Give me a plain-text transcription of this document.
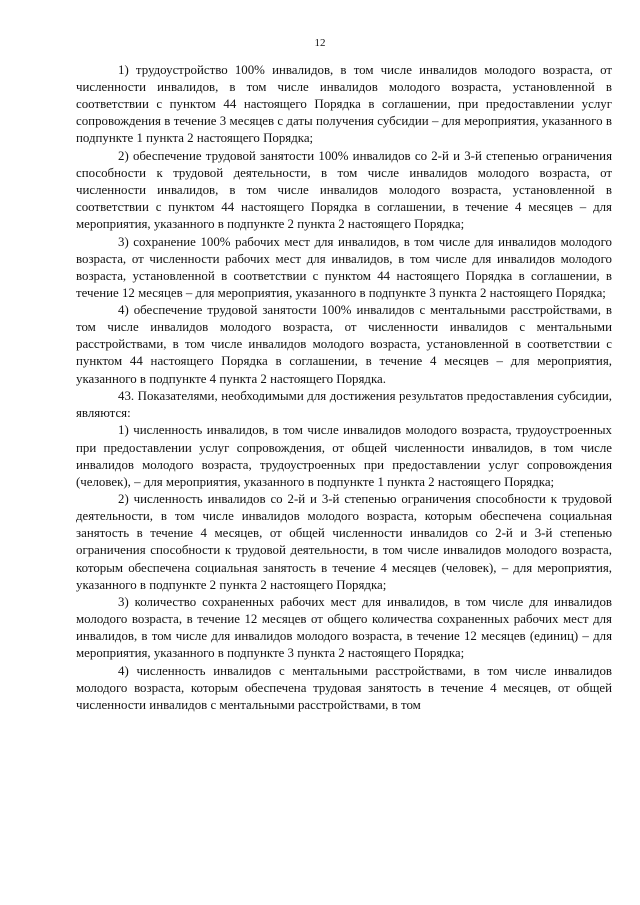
12

1) трудоустройство 100% инвалидов, в том числе инвалидов молодого возраста, от численности инвалидов, в том числе инвалидов молодого возраста, установленной в соответствии с пунктом 44 настоящего Порядка в соглашении, при предоставлении услуг сопровождения в течение 3 месяцев с даты получения субсидии – для мероприятия, указанного в подпункте 1 пункта 2 настоящего Порядка;

2) обеспечение трудовой занятости 100% инвалидов со 2-й и 3-й степенью ограничения способности к трудовой деятельности, в том числе инвалидов молодого возраста, от численности инвалидов, в том числе инвалидов молодого возраста, установленной в соответствии с пунктом 44 настоящего Порядка в соглашении, в течение 4 месяцев – для мероприятия, указанного в подпункте 2 пункта 2 настоящего Порядка;

3) сохранение 100% рабочих мест для инвалидов, в том числе для инвалидов молодого возраста, от численности рабочих мест для инвалидов, в том числе для инвалидов молодого возраста, установленной в соответствии с пунктом 44 настоящего Порядка в соглашении, в течение 12 месяцев – для мероприятия, указанного в подпункте 3 пункта 2 настоящего Порядка;

4) обеспечение трудовой занятости 100% инвалидов с ментальными расстройствами, в том числе инвалидов молодого возраста, от численности инвалидов с ментальными расстройствами, в том числе инвалидов молодого возраста, установленной в соответствии с пунктом 44 настоящего Порядка в соглашении, в течение 4 месяцев – для мероприятия, указанного в подпункте 4 пункта 2 настоящего Порядка.

43. Показателями, необходимыми для достижения результатов предоставления субсидии, являются:

1) численность инвалидов, в том числе инвалидов молодого возраста, трудоустроенных при предоставлении услуг сопровождения, от общей численности инвалидов, в том числе инвалидов молодого возраста, трудоустроенных при предоставлении услуг сопровождения (человек), – для мероприятия, указанного в подпункте 1 пункта 2 настоящего Порядка;

2) численность инвалидов со 2-й и 3-й степенью ограничения способности к трудовой деятельности, в том числе инвалидов молодого возраста, которым обеспечена социальная занятость в течение 4 месяцев, от общей численности инвалидов со 2-й и 3-й степенью ограничения способности к трудовой деятельности, в том числе инвалидов молодого возраста, которым обеспечена социальная занятость в течение 4 месяцев (человек), – для мероприятия, указанного в подпункте 2 пункта 2 настоящего Порядка;

3) количество сохраненных рабочих мест для инвалидов, в том числе для инвалидов молодого возраста, в течение 12 месяцев от общего количества сохраненных рабочих мест для инвалидов, в том числе для инвалидов молодого возраста, в течение 12 месяцев (единиц) – для мероприятия, указанного в подпункте 3 пункта 2 настоящего Порядка;

4) численность инвалидов с ментальными расстройствами, в том числе инвалидов молодого возраста, которым обеспечена трудовая занятость в течение 4 месяцев, от общей численности инвалидов с ментальными расстройствами, в том
